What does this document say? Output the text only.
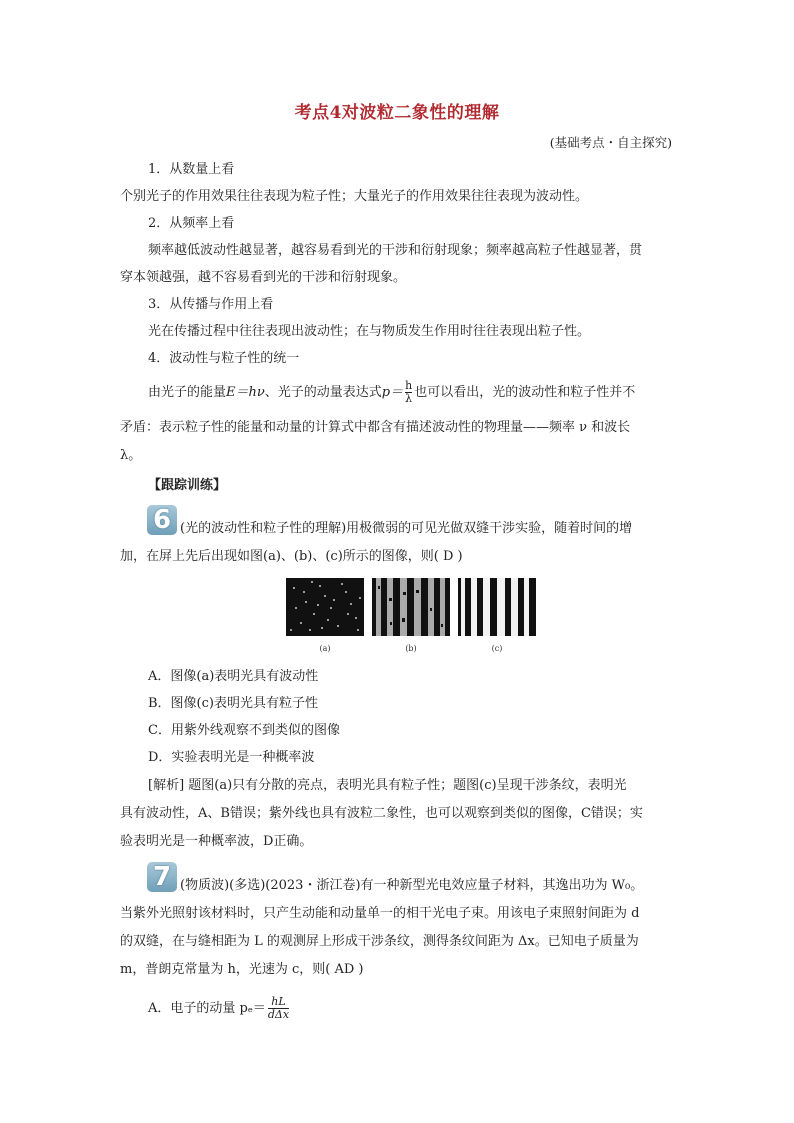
考点4对波粒二象性的理解
(基础考点・自主探究)
1．从数量上看
个别光子的作用效果往往表现为粒子性；大量光子的作用效果往往表现为波动性。
2．从频率上看
频率越低波动性越显著，越容易看到光的干涉和衍射现象；频率越高粒子性越显著，贯
穿本领越强，越不容易看到光的干涉和衍射现象。
3．从传播与作用上看
光在传播过程中往往表现出波动性；在与物质发生作用时往往表现出粒子性。
4．波动性与粒子性的统一
由光子的能量E＝hν、光子的动量表达式$p= \frac{h}{\lambda}$ 也可以看出，光的波动性和粒子性并不
矛盾：表示粒子性的能量和动量的计算式中都含有描述波动性的物理量——频率 ν 和波长
λ。
【跟踪训练】
6 (光的波动性和粒子性的理解)用极微弱的可见光做双缝干涉实验，随着时间的增
加，在屏上先后出现如图(a)、(b)、(c)所示的图像，则( D )
(a)	(b)	(c)
A．图像(a)表明光具有波动性
B．图像(c)表明光具有粒子性
C．用紫外线观察不到类似的图像
D．实验表明光是一种概率波
[解析] 题图(a)只有分散的亮点，表明光具有粒子性；题图(c)呈现干涉条纹，表明光
具有波动性，A、B错误；紫外线也具有波粒二象性，也可以观察到类似的图像，C错误；实
验表明光是一种概率波，D正确。
7 (物质波)(多选)(2023・浙江卷)有一种新型光电效应量子材料，其逸出功为 W₀。
当紫外光照射该材料时，只产生动能和动量单一的相干光电子束。用该电子束照射间距为 d
的双缝，在与缝相距为 L 的观测屏上形成干涉条纹，测得条纹间距为 Δx。已知电子质量为
m，普朗克常量为 h，光速为 c，则( AD )
A．电子的动量 $p_e= \frac{hL}{\text{dΔx}}$
